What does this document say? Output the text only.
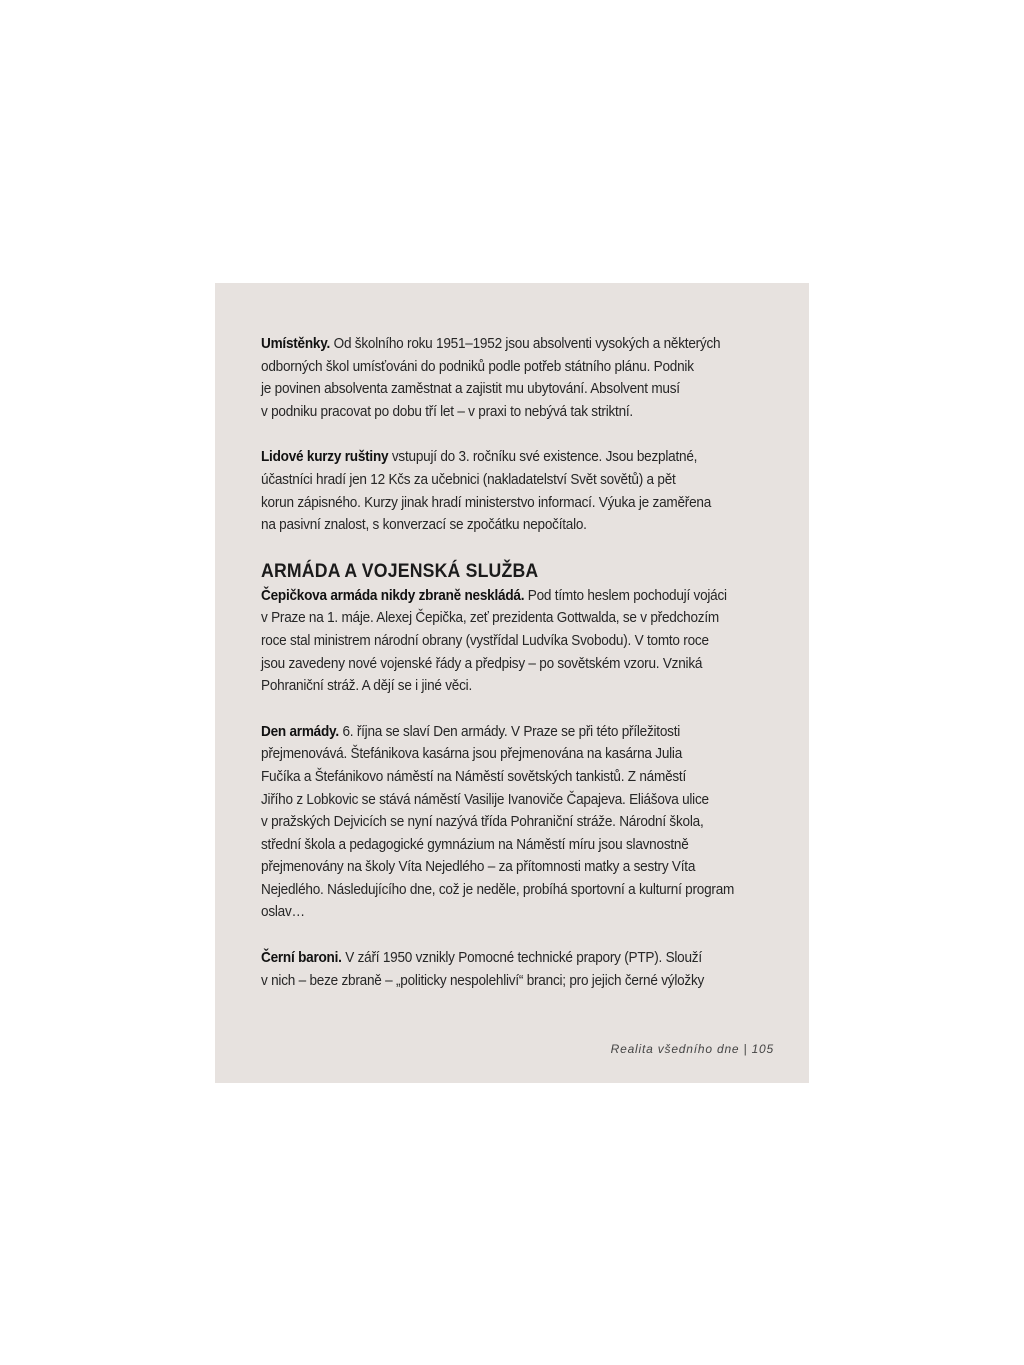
Umístěnky. Od školního roku 1951–1952 jsou absolventi vysokých a některých
odborných škol umísťováni do podniků podle potřeb státního plánu. Podnik
je povinen absolventa zaměstnat a zajistit mu ubytování. Absolvent musí
v podniku pracovat po dobu tří let – v praxi to nebývá tak striktní.
Lidové kurzy ruštiny vstupují do 3. ročníku své existence. Jsou bezplatné,
účastníci hradí jen 12 Kčs za učebnici (nakladatelství Svět sovětů) a pět
korun zápisného. Kurzy jinak hradí ministerstvo informací. Výuka je zaměřena
na pasivní znalost, s konverzací se zpočátku nepočítalo.
ARMÁDA A VOJENSKÁ SLUŽBA
Čepičkova armáda nikdy zbraně neskládá. Pod tímto heslem pochodují vojáci
v Praze na 1. máje. Alexej Čepička, zeť prezidenta Gottwalda, se v předchozím
roce stal ministrem národní obrany (vystřídal Ludvíka Svobodu). V tomto roce
jsou zavedeny nové vojenské řády a předpisy – po sovětském vzoru. Vzniká
Pohraniční stráž. A dějí se i jiné věci.
Den armády. 6. října se slaví Den armády. V Praze se při této příležitosti
přejmenovává. Štefánikova kasárna jsou přejmenována na kasárna Julia
Fučíka a Štefánikovo náměstí na Náměstí sovětských tankistů. Z náměstí
Jiřího z Lobkovic se stává náměstí Vasilije Ivanoviče Čapajeva. Eliášova ulice
v pražských Dejvicích se nyní nazývá třída Pohraniční stráže. Národní škola,
střední škola a pedagogické gymnázium na Náměstí míru jsou slavnostně
přejmenovány na školy Víta Nejedlého – za přítomnosti matky a sestry Víta
Nejedlého. Následujícího dne, což je neděle, probíhá sportovní a kulturní program
oslav…
Černí baroni. V září 1950 vznikly Pomocné technické prapory (PTP). Slouží
v nich – beze zbraně – „politicky nespolehliví“ branci; pro jejich černé výložky
Realita všedního dne | 105
